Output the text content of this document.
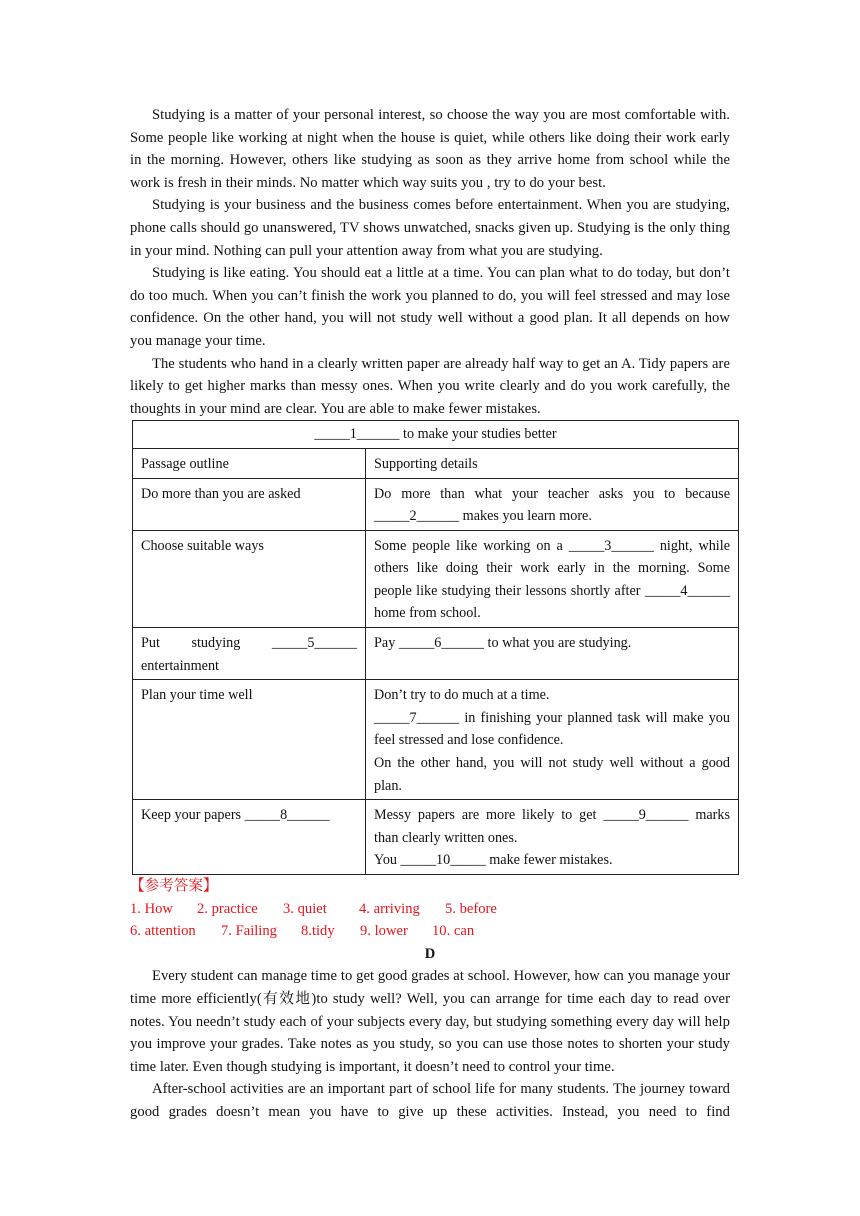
Studying is a matter of your personal interest, so choose the way you are most comfortable with. Some people like working at night when the house is quiet, while others like doing their work early in the morning. However, others like studying as soon as they arrive home from school while the work is fresh in their minds. No matter which way suits you , try to do your best.

Studying is your business and the business comes before entertainment. When you are studying, phone calls should go unanswered, TV shows unwatched, snacks given up. Studying is the only thing in your mind. Nothing can pull your attention away from what you are studying.

Studying is like eating. You should eat a little at a time. You can plan what to do today, but don’t do too much. When you can’t finish the work you planned to do, you will feel stressed and may lose confidence. On the other hand, you will not study well without a good plan. It all depends on how you manage your time.

The students who hand in a clearly written paper are already half way to get an A. Tidy papers are likely to get higher marks than messy ones. When you write clearly and do you work carefully, the thoughts in your mind are clear. You are able to make fewer mistakes.

_____1______ to make your studies better	
Passage outline	Supporting details
Do more than you are asked	Do more than what your teacher asks you to because _____2______ makes you learn more.

Choose suitable ways	Some people like working on a _____3______ night, while others like doing their work early in the morning. Some people like studying their lessons shortly after _____4______ home from school.

Put studying _____5______ entertainment	Pay _____6______ to what you are studying.

Plan your time well	Don’t try to do much at a time.
_____7______ in finishing your planned task will make you feel stressed and lose confidence.
On the other hand, you will not study well without a good plan.

Keep your papers _____8______	Messy papers are more likely to get _____9______ marks than clearly written ones.
You _____10_____ make fewer mistakes.
【参考答案】
1. How 2. practice 3. quiet 4. arriving 5. before
6. attention 7. Failing 8.tidy 9. lower 10. can
D

Every student can manage time to get good grades at school. However, how can you manage your time more efficiently(有效地)to study well? Well, you can arrange for time each day to read over notes. You needn’t study each of your subjects every day, but studying something every day will help you improve your grades. Take notes as you study, so you can use those notes to shorten your study time later. Even though studying is important, it doesn’t need to control your time.

After-school activities are an important part of school life for many students. The journey toward good grades doesn’t mean you have to give up these activities. Instead, you need to find
